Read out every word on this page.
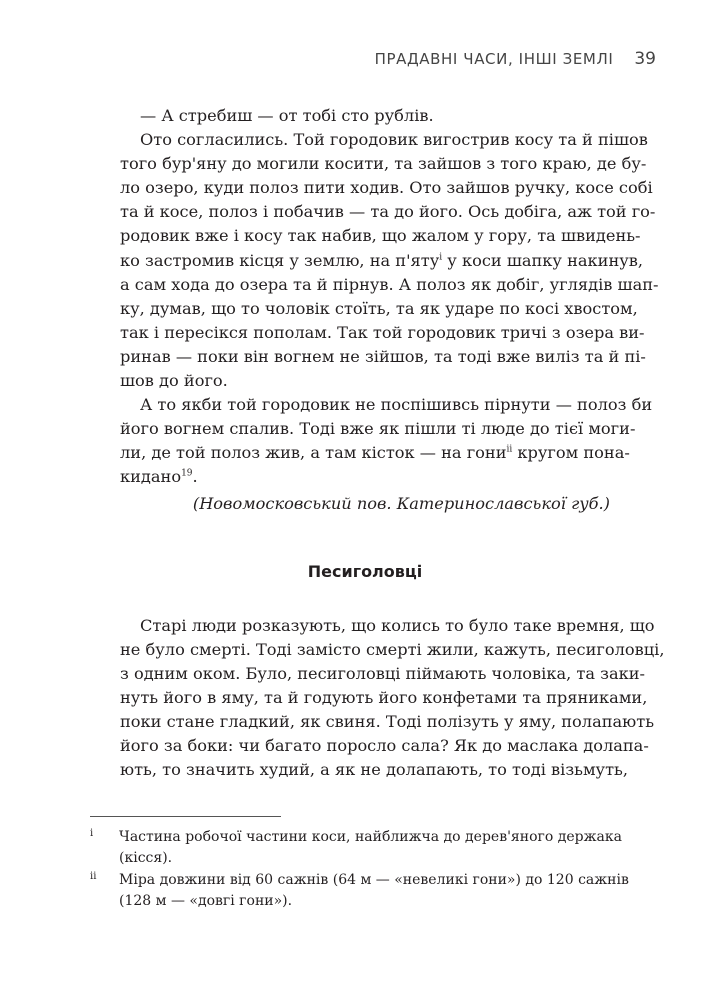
ПРАДАВНІ ЧАСИ, ІНШІ ЗЕМЛІ 39

— А стребиш — от тобі сто рублів.

Ото согласились. Той городовик вигострив косу та й пішов
того бур'яну до могили косити, та зайшов з того краю, де бу-
ло озеро, куди полоз пити ходив. Ото зайшов ручку, косе собі
та й косе, полоз і побачив — та до його. Ось добіга, аж той го-
родовик вже і косу так набив, що жалом у гору, та швидень-
ко застромив кісця у землю, на п'яту$^i$ у коси шапку накинув,
а сам хода до озера та й пірнув. А полоз як добіг, углядів шап-
ку, думав, що то чоловік стоїть, та як ударе по косі хвостом,
так і пересікся пополам. Так той городовик тричі з озера ви-
ринав — поки він вогнем не зійшов, та тоді вже виліз та й пі-
шов до його.

А то якби той городовик не поспішивсь пірнути — полоз би
його вогнем спалив. Тоді вже як пішли ті люде до тієї моги-
ли, де той полоз жив, а там кісток — на гони$^{ii}$ кругом пона-
кидано$^{19}$.

(Новомосковський пов. Катеринославської губ.)
Песиголовці

Старі люди розказують, що колись то було таке времня, що
не було смерті. Тоді замісто смерті жили, кажуть, песиголовці,
з одним оком. Було, песиголовці піймають чоловіка, та заки-
нуть його в яму, та й годують його конфетами та пряниками,
поки стане гладкий, як свиня. Тоді полізуть у яму, полапають
його за боки: чи багато поросло сала? Як до маслака долапа-
ють, то значить худий, а як не долапають, то тоді візьмуть,

i	Частина робочої частини коси, найближча до дерев'яного держака
(кісся).
ii	Міра довжини від 60 сажнів (64 м — «невеликі гони») до 120 сажнів
(128 м — «довгі гони»).
